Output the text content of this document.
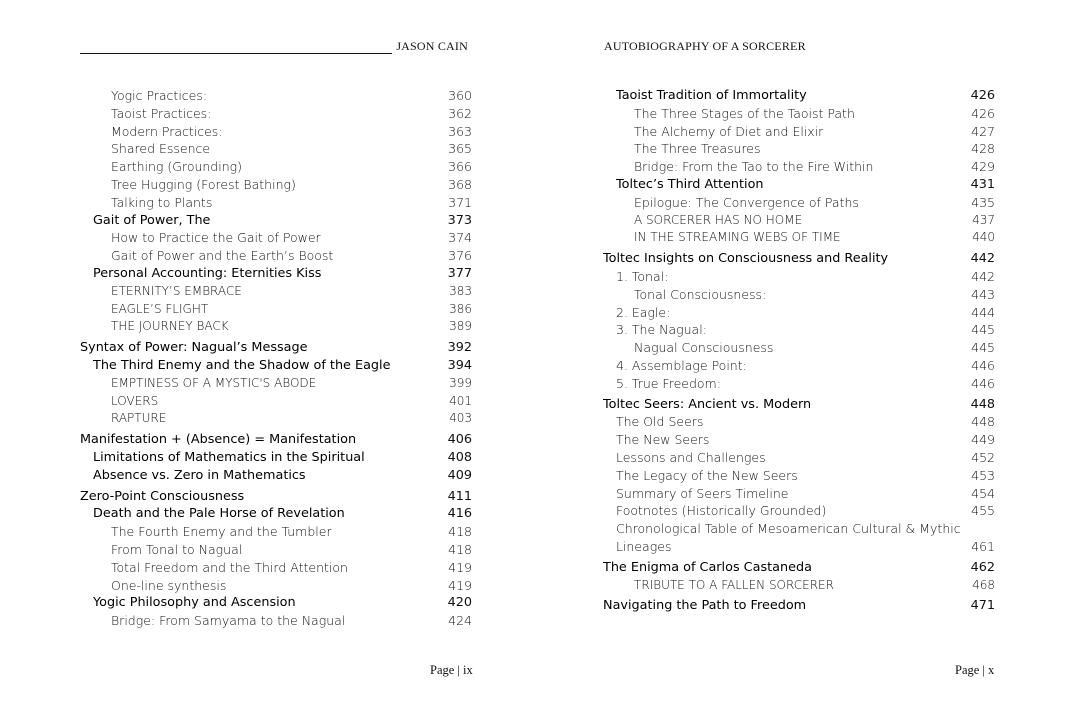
JASON CAIN
Yogic Practices:	360
Taoist Practices:	362
Modern Practices:	363
Shared Essence	365
Earthing (Grounding)	366
Tree Hugging (Forest Bathing)	368
Talking to Plants	371
Gait of Power, The	373
How to Practice the Gait of Power	374
Gait of Power and the Earth’s Boost	376
Personal Accounting: Eternities Kiss	377
ETERNITY’S EMBRACE	383
EAGLE’S FLIGHT	386
THE JOURNEY BACK	389
Syntax of Power: Nagual’s Message	392
The Third Enemy and the Shadow of the Eagle	394
EMPTINESS OF A MYSTIC'S ABODE	399
LOVERS	401
RAPTURE	403
Manifestation + (Absence) = Manifestation	406
Limitations of Mathematics in the Spiritual	408
Absence vs. Zero in Mathematics	409
Zero-Point Consciousness	411
Death and the Pale Horse of Revelation	416
The Fourth Enemy and the Tumbler	418
From Tonal to Nagual	418
Total Freedom and the Third Attention	419
One-line synthesis	419
Yogic Philosophy and Ascension	420
Bridge: From Samyama to the Nagual	424
Page | ix
AUTOBIOGRAPHY OF A SORCERER
Taoist Tradition of Immortality	426
The Three Stages of the Taoist Path	426
The Alchemy of Diet and Elixir	427
The Three Treasures	428
Bridge: From the Tao to the Fire Within	429
Toltec’s Third Attention	431
Epilogue: The Convergence of Paths	435
A SORCERER HAS NO HOME	437
IN THE STREAMING WEBS OF TIME	440
Toltec Insights on Consciousness and Reality	442
1. Tonal:	442
Tonal Consciousness:	443
2. Eagle:	444
3. The Nagual:	445
Nagual Consciousness	445
4. Assemblage Point:	446
5. True Freedom:	446
Toltec Seers: Ancient vs. Modern	448
The Old Seers	448
The New Seers	449
Lessons and Challenges	452
The Legacy of the New Seers	453
Summary of Seers Timeline	454
Footnotes (Historically Grounded)	455
Chronological Table of Mesoamerican Cultural & Mythic Lineages	461
The Enigma of Carlos Castaneda	462
TRIBUTE TO A FALLEN SORCERER	468
Navigating the Path to Freedom	471
Page | x
